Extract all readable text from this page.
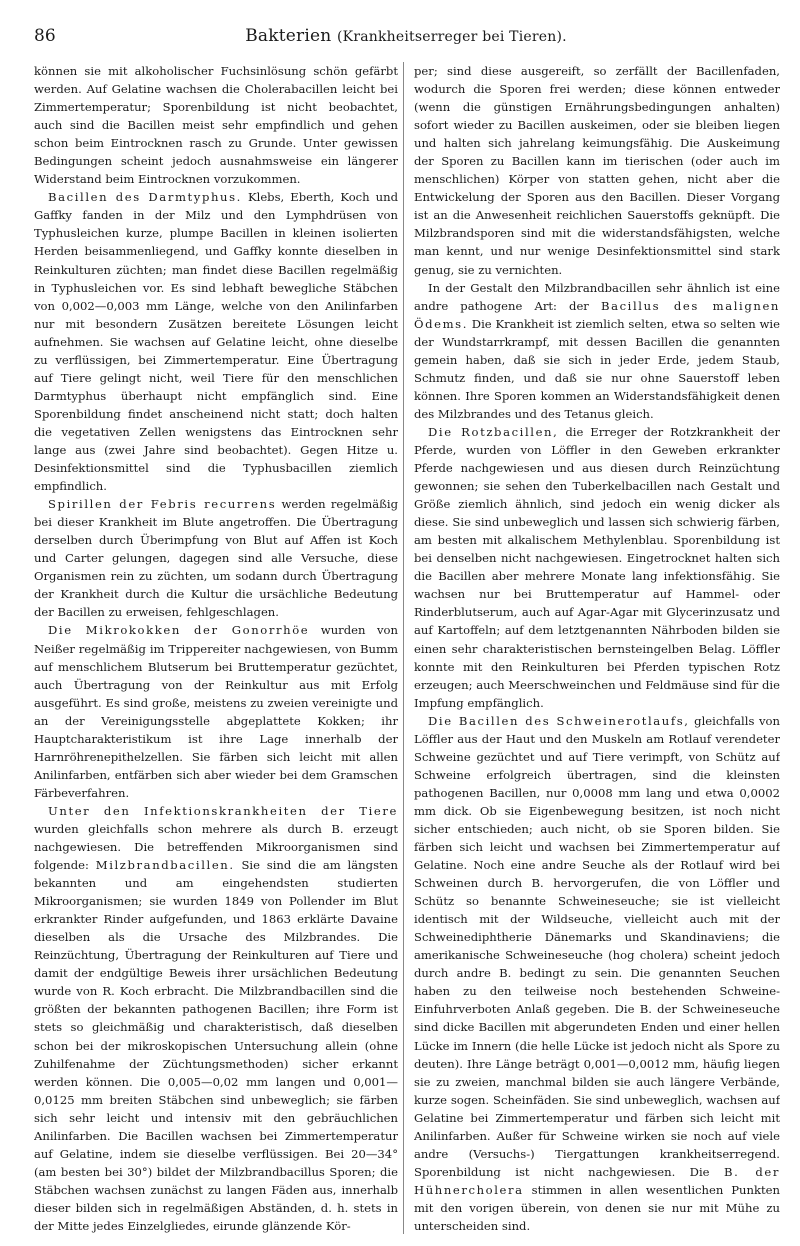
86	Bakterien (Krankheitserreger bei Tieren).

können sie mit alkoholischer Fuchsinlösung schön gefärbt werden. Auf Gelatine wachsen die Cholerabacillen leicht bei Zimmertemperatur; Sporenbildung ist nicht beobachtet, auch sind die Bacillen meist sehr empfindlich und gehen schon beim Eintrocknen rasch zu Grunde. Unter gewissen Bedingungen scheint jedoch ausnahmsweise ein längerer Widerstand beim Eintrocknen vorzukommen.

Bacillen des Darmtyphus. Klebs, Eberth, Koch und Gaffky fanden in der Milz und den Lymphdrüsen von Typhusleichen kurze, plumpe Bacillen in kleinen isolierten Herden beisammenliegend, und Gaffky konnte dieselben in Reinkulturen züchten; man findet diese Bacillen regelmäßig in Typhusleichen vor. Es sind lebhaft bewegliche Stäbchen von 0,002—0,003 mm Länge, welche von den Anilinfarben nur mit besondern Zusätzen bereitete Lösungen leicht aufnehmen. Sie wachsen auf Gelatine leicht, ohne dieselbe zu verflüssigen, bei Zimmertemperatur. Eine Übertragung auf Tiere gelingt nicht, weil Tiere für den menschlichen Darmtyphus überhaupt nicht empfänglich sind. Eine Sporenbildung findet anscheinend nicht statt; doch halten die vegetativen Zellen wenigstens das Eintrocknen sehr lange aus (zwei Jahre sind beobachtet). Gegen Hitze u. Desinfektionsmittel sind die Typhusbacillen ziemlich empfindlich.

Spirillen der Febris recurrens werden regelmäßig bei dieser Krankheit im Blute angetroffen. Die Übertragung derselben durch Überimpfung von Blut auf Affen ist Koch und Carter gelungen, dagegen sind alle Versuche, diese Organismen rein zu züchten, um sodann durch Übertragung der Krankheit durch die Kultur die ursächliche Bedeutung der Bacillen zu erweisen, fehlgeschlagen.

Die Mikrokokken der Gonorrhöe wurden von Neißer regelmäßig im Trippereiter nachgewiesen, von Bumm auf menschlichem Blutserum bei Bruttemperatur gezüchtet, auch Übertragung von der Reinkultur aus mit Erfolg ausgeführt. Es sind große, meistens zu zweien vereinigte und an der Vereinigungsstelle abgeplattete Kokken; ihr Hauptcharakteristikum ist ihre Lage innerhalb der Harnröhrenepithelzellen. Sie färben sich leicht mit allen Anilinfarben, entfärben sich aber wieder bei dem Gramschen Färbeverfahren.

Unter den Infektionskrankheiten der Tiere wurden gleichfalls schon mehrere als durch B. erzeugt nachgewiesen. Die betreffenden Mikroorganismen sind folgende: Milzbrandbacillen. Sie sind die am längsten bekannten und am eingehendsten studierten Mikroorganismen; sie wurden 1849 von Pollender im Blut erkrankter Rinder aufgefunden, und 1863 erklärte Davaine dieselben als die Ursache des Milzbrandes. Die Reinzüchtung, Übertragung der Reinkulturen auf Tiere und damit der endgültige Beweis ihrer ursächlichen Bedeutung wurde von R. Koch erbracht. Die Milzbrandbacillen sind die größten der bekannten pathogenen Bacillen; ihre Form ist stets so gleichmäßig und charakteristisch, daß dieselben schon bei der mikroskopischen Untersuchung allein (ohne Zuhilfenahme der Züchtungsmethoden) sicher erkannt werden können. Die 0,005—0,02 mm langen und 0,001—0,0125 mm breiten Stäbchen sind unbeweglich; sie färben sich sehr leicht und intensiv mit den gebräuchlichen Anilinfarben. Die Bacillen wachsen bei Zimmertemperatur auf Gelatine, indem sie dieselbe verflüssigen. Bei 20—34° (am besten bei 30°) bildet der Milzbrandbacillus Sporen; die Stäbchen wachsen zunächst zu langen Fäden aus, innerhalb dieser bilden sich in regelmäßigen Abständen, d. h. stets in der Mitte jedes Einzelgliedes, eirunde glänzende Kör-

per; sind diese ausgereift, so zerfällt der Bacillenfaden, wodurch die Sporen frei werden; diese können entweder (wenn die günstigen Ernährungsbedingungen anhalten) sofort wieder zu Bacillen auskeimen, oder sie bleiben liegen und halten sich jahrelang keimungsfähig. Die Auskeimung der Sporen zu Bacillen kann im tierischen (oder auch im menschlichen) Körper von statten gehen, nicht aber die Entwickelung der Sporen aus den Bacillen. Dieser Vorgang ist an die Anwesenheit reichlichen Sauerstoffs geknüpft. Die Milzbrandsporen sind mit die widerstandsfähigsten, welche man kennt, und nur wenige Desinfektionsmittel sind stark genug, sie zu vernichten.

In der Gestalt den Milzbrandbacillen sehr ähnlich ist eine andre pathogene Art: der Bacillus des malignen Ödems. Die Krankheit ist ziemlich selten, etwa so selten wie der Wundstarrkrampf, mit dessen Bacillen die genannten gemein haben, daß sie sich in jeder Erde, jedem Staub, Schmutz finden, und daß sie nur ohne Sauerstoff leben können. Ihre Sporen kommen an Widerstandsfähigkeit denen des Milzbrandes und des Tetanus gleich.

Die Rotzbacillen, die Erreger der Rotzkrankheit der Pferde, wurden von Löffler in den Geweben erkrankter Pferde nachgewiesen und aus diesen durch Reinzüchtung gewonnen; sie sehen den Tuberkelbacillen nach Gestalt und Größe ziemlich ähnlich, sind jedoch ein wenig dicker als diese. Sie sind unbeweglich und lassen sich schwierig färben, am besten mit alkalischem Methylenblau. Sporenbildung ist bei denselben nicht nachgewiesen. Eingetrocknet halten sich die Bacillen aber mehrere Monate lang infektionsfähig. Sie wachsen nur bei Bruttemperatur auf Hammel- oder Rinderblutserum, auch auf Agar-Agar mit Glycerinzusatz und auf Kartoffeln; auf dem letztgenannten Nährboden bilden sie einen sehr charakteristischen bernsteingelben Belag. Löffler konnte mit den Reinkulturen bei Pferden typischen Rotz erzeugen; auch Meerschweinchen und Feldmäuse sind für die Impfung empfänglich.

Die Bacillen des Schweinerotlaufs, gleichfalls von Löffler aus der Haut und den Muskeln am Rotlauf verendeter Schweine gezüchtet und auf Tiere verimpft, von Schütz auf Schweine erfolgreich übertragen, sind die kleinsten pathogenen Bacillen, nur 0,0008 mm lang und etwa 0,0002 mm dick. Ob sie Eigenbewegung besitzen, ist noch nicht sicher entschieden; auch nicht, ob sie Sporen bilden. Sie färben sich leicht und wachsen bei Zimmertemperatur auf Gelatine. Noch eine andre Seuche als der Rotlauf wird bei Schweinen durch B. hervorgerufen, die von Löffler und Schütz so benannte Schweineseuche; sie ist vielleicht identisch mit der Wildseuche, vielleicht auch mit der Schweinediphtherie Dänemarks und Skandinaviens; die amerikanische Schweineseuche (hog cholera) scheint jedoch durch andre B. bedingt zu sein. Die genannten Seuchen haben zu den teilweise noch bestehenden Schweine-Einfuhrverboten Anlaß gegeben. Die B. der Schweineseuche sind dicke Bacillen mit abgerundeten Enden und einer hellen Lücke im Innern (die helle Lücke ist jedoch nicht als Spore zu deuten). Ihre Länge beträgt 0,001—0,0012 mm, häufig liegen sie zu zweien, manchmal bilden sie auch längere Verbände, kurze sogen. Scheinfäden. Sie sind unbeweglich, wachsen auf Gelatine bei Zimmertemperatur und färben sich leicht mit Anilinfarben. Außer für Schweine wirken sie noch auf viele andre (Versuchs-) Tiergattungen krankheitserregend. Sporenbildung ist nicht nachgewiesen. Die B. der Hühnercholera stimmen in allen wesentlichen Punkten mit den vorigen überein, von denen sie nur mit Mühe zu unterscheiden sind.
